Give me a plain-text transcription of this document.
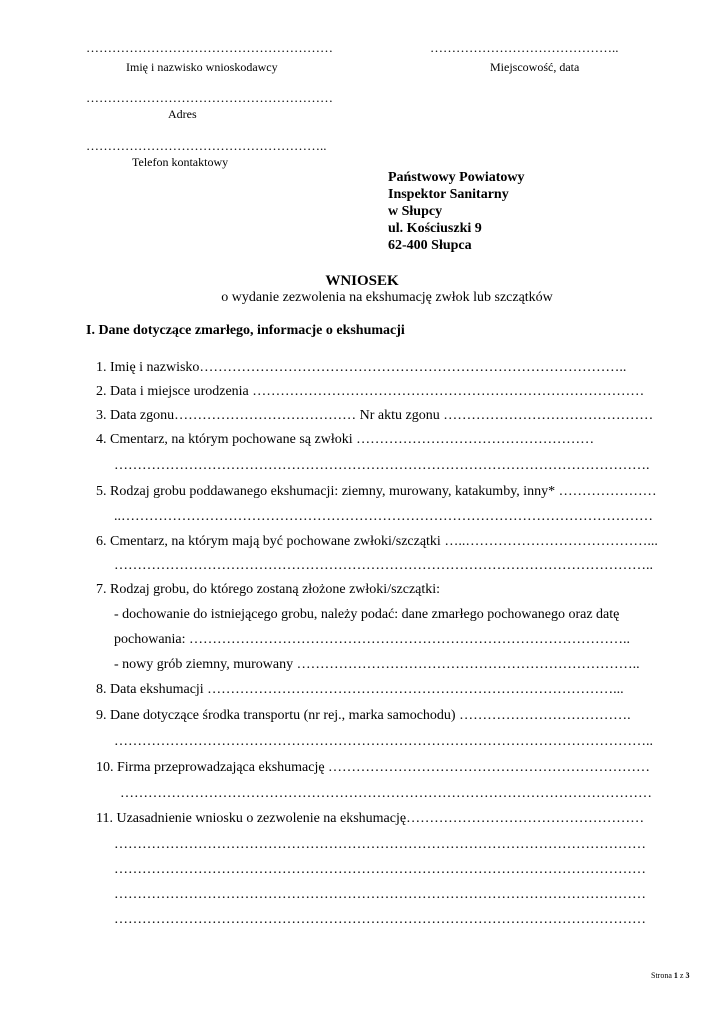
…………………………………………………
Imię i nazwisko wnioskodawcy
……………………………………..
Miejscowość, data
…………………………………………………
Adres
………………………………………………..
Telefon kontaktowy
Państwowy Powiatowy
Inspektor Sanitarny
w Słupcy
ul. Kościuszki 9
62-400 Słupca
WNIOSEK
o wydanie zezwolenia na ekshumację zwłok lub szczątków
I. Dane dotyczące zmarłego, informacje o ekshumacji
1. Imię i nazwisko………………………………………………………………………………..
2. Data i miejsce urodzenia …………………………………………………………………………
3. Data zgonu………………………………… Nr aktu zgonu ………………………………………
4. Cmentarz, na którym pochowane są zwłoki ……………………………………………
…………………………………………………………………………………………………….
5. Rodzaj grobu poddawanego ekshumacji: ziemny, murowany, katakumby, inny* …………………
..……………………………………………………………………………………………………
6. Cmentarz, na którym mają być pochowane zwłoki/szczątki …..…………………………………...
……………………………………………………………………………………………………..
7. Rodzaj grobu, do którego zostaną złożone zwłoki/szczątki:
- dochowanie do istniejącego grobu, należy podać: dane zmarłego pochowanego oraz datę
pochowania: …………………………………………………………………………………..
- nowy grób ziemny, murowany ………………………………………………………………..
8. Data ekshumacji ……………………………………………………………………………...
9. Dane dotyczące środka transportu (nr rej., marka samochodu) ……………………………….
……………………………………………………………………………………………………..
10. Firma przeprowadzająca ekshumację ……………………………………………………………
……………………………………………………………………………………………………
11. Uzasadnienie wniosku o zezwolenie na ekshumację……………………………………………
……………………………………………………………………………………………………
……………………………………………………………………………………………………
……………………………………………………………………………………………………
……………………………………………………………………………………………………
Strona 1 z 3
